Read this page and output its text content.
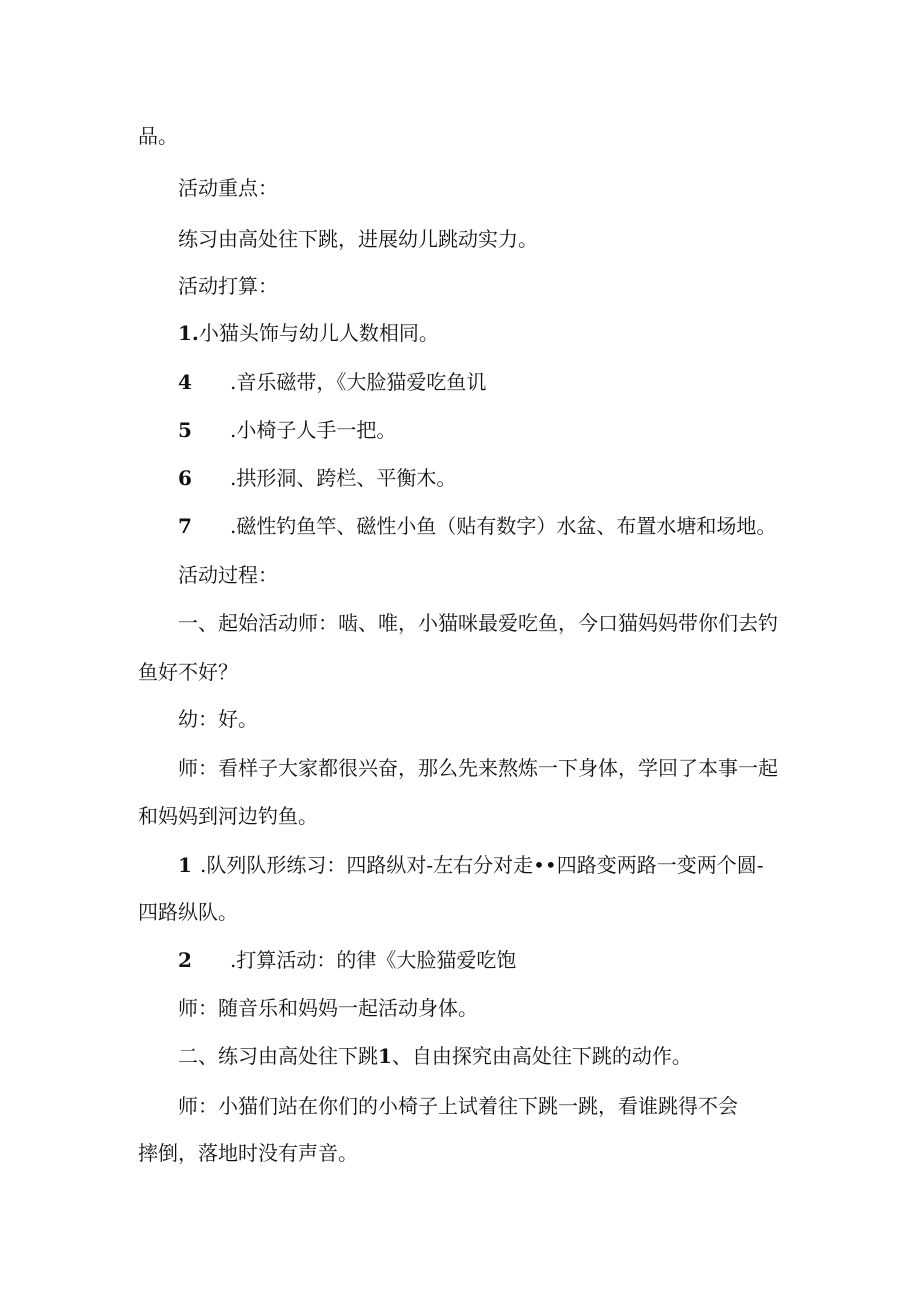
品。
活动重点：
练习由高处往下跳，进展幼儿跳动实力。
活动打算：
1.小猫头饰与幼儿人数相同。
4 .音乐磁带，《大脸猫爱吃鱼讥
5 .小椅子人手一把。
6 .拱形洞、跨栏、平衡木。
7 .磁性钓鱼竿、磁性小鱼（贴有数字）水盆、布置水塘和场地。
活动过程：
一、起始活动师：啮、唯，小猫咪最爱吃鱼，今口猫妈妈带你们去钓
鱼好不好？
幼：好。
师：看样子大家都很兴奋，那么先来熬炼一下身体，学回了本事一起
和妈妈到河边钓鱼。
1 .队列队形练习：四路纵对-左右分对走••四路变两路一变两个圆-
四路纵队。
2 .打算活动：的律《大脸猫爱吃饱
师：随音乐和妈妈一起活动身体。
二、练习由高处往下跳1、自由探究由高处往下跳的动作。
师：小猫们站在你们的小椅子上试着往下跳一跳，看谁跳得不会
摔倒，落地时没有声音。
